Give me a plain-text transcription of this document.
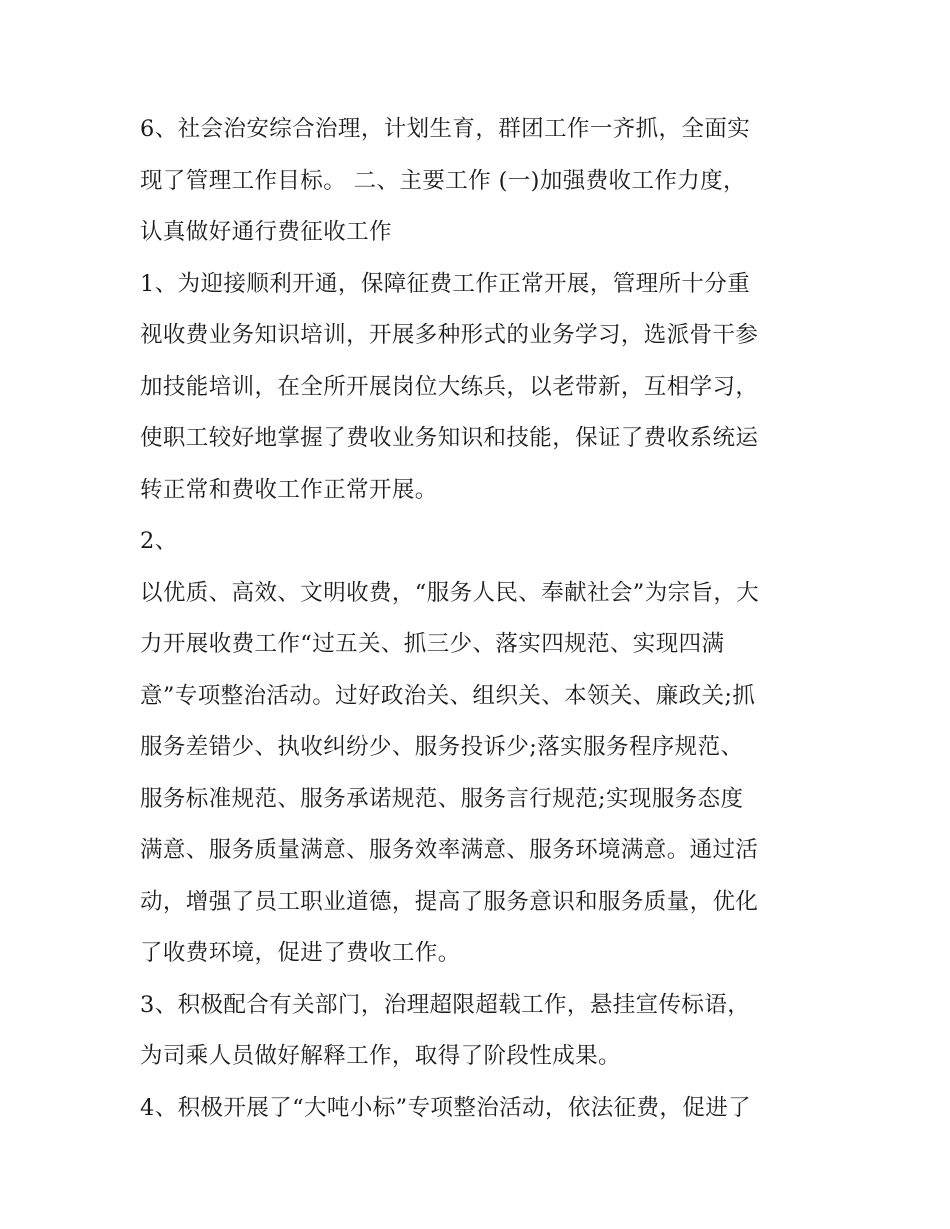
6、社会治安综合治理，计划生育，群团工作一齐抓，全面实
现了管理工作目标。 二、主要工作 (一)加强费收工作力度，
认真做好通行费征收工作
1、为迎接顺利开通，保障征费工作正常开展，管理所十分重
视收费业务知识培训，开展多种形式的业务学习，选派骨干参
加技能培训，在全所开展岗位大练兵，以老带新，互相学习，
使职工较好地掌握了费收业务知识和技能，保证了费收系统运
转正常和费收工作正常开展。
2、
以优质、高效、文明收费，“服务人民、奉献社会”为宗旨，大
力开展收费工作“过五关、抓三少、落实四规范、实现四满
意”专项整治活动。过好政治关、组织关、本领关、廉政关;抓
服务差错少、执收纠纷少、服务投诉少;落实服务程序规范、
服务标准规范、服务承诺规范、服务言行规范;实现服务态度
满意、服务质量满意、服务效率满意、服务环境满意。通过活
动，增强了员工职业道德，提高了服务意识和服务质量，优化
了收费环境，促进了费收工作。
3、积极配合有关部门，治理超限超载工作，悬挂宣传标语，
为司乘人员做好解释工作，取得了阶段性成果。
4、积极开展了“大吨小标”专项整治活动，依法征费，促进了
